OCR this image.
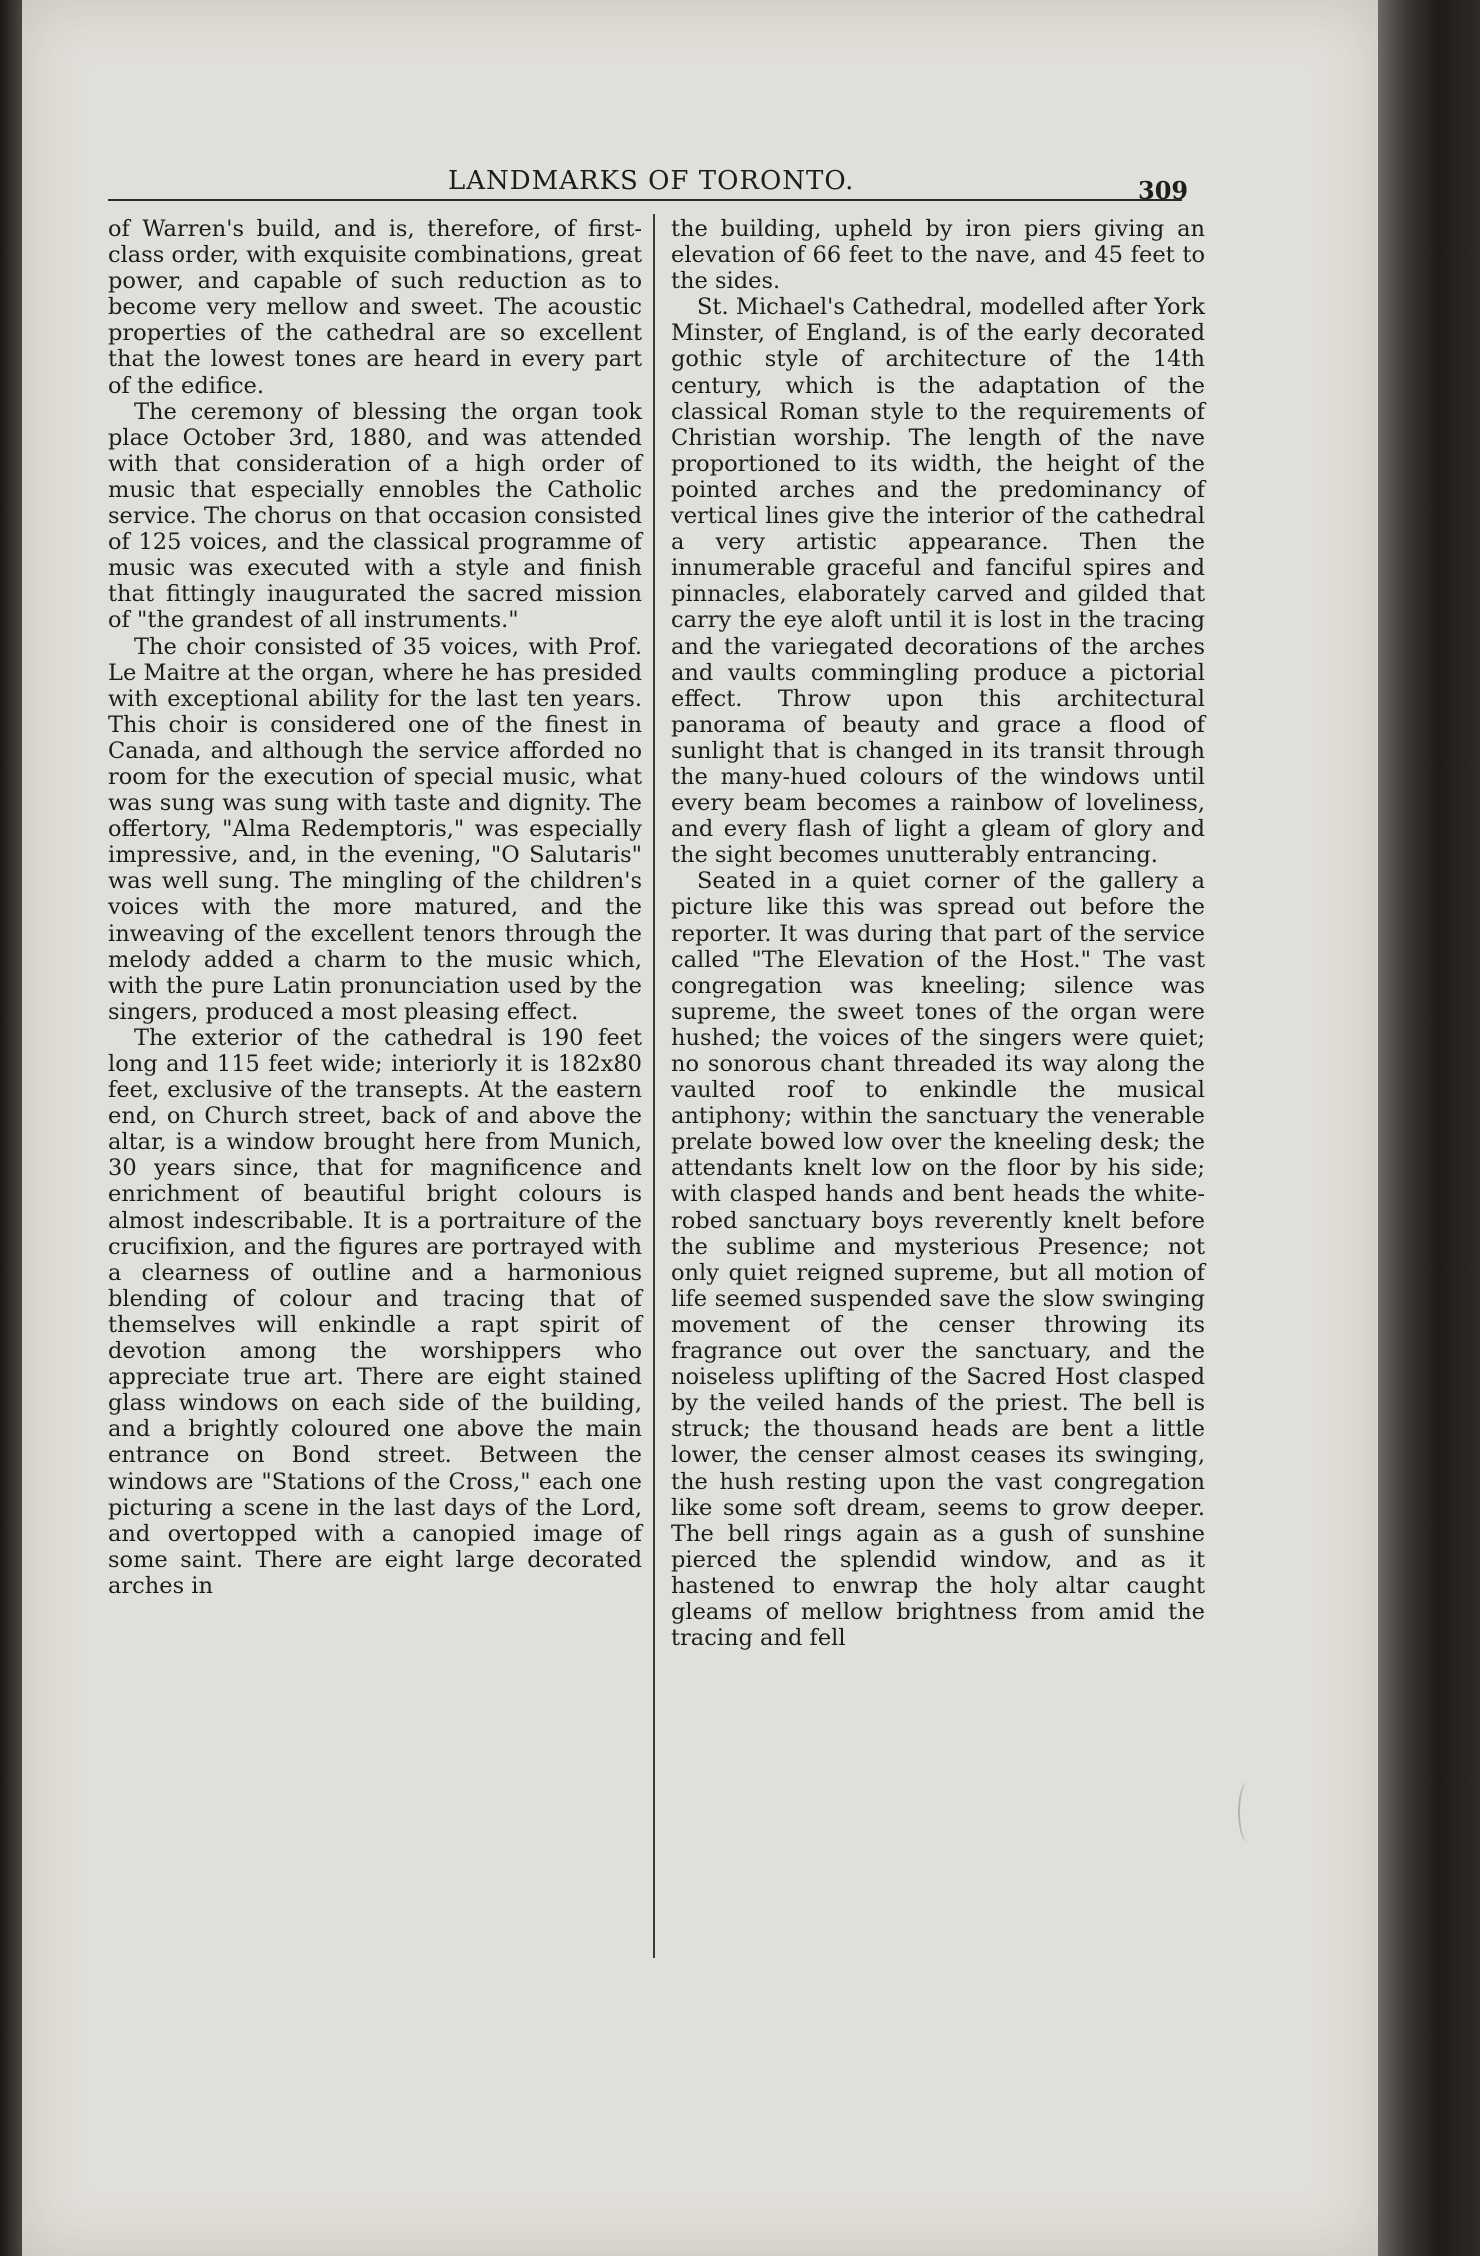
LANDMARKS OF TORONTO.	309

of Warren's build, and is, therefore, of first-class order, with exquisite combinations, great power, and capable of such reduction as to become very mellow and sweet. The acoustic properties of the cathedral are so excellent that the lowest tones are heard in every part of the edifice.

The ceremony of blessing the organ took place October 3rd, 1880, and was attended with that consideration of a high order of music that especially ennobles the Catholic service. The chorus on that occasion consisted of 125 voices, and the classical programme of music was executed with a style and finish that fittingly inaugurated the sacred mission of "the grandest of all instruments."

The choir consisted of 35 voices, with Prof. Le Maitre at the organ, where he has presided with exceptional ability for the last ten years. This choir is considered one of the finest in Canada, and although the service afforded no room for the execution of special music, what was sung was sung with taste and dignity. The offertory, "Alma Redemptoris," was especially impressive, and, in the evening, "O Salutaris" was well sung. The mingling of the children's voices with the more matured, and the inweaving of the excellent tenors through the melody added a charm to the music which, with the pure Latin pronunciation used by the singers, produced a most pleasing effect.

The exterior of the cathedral is 190 feet long and 115 feet wide; interiorly it is 182x80 feet, exclusive of the transepts. At the eastern end, on Church street, back of and above the altar, is a window brought here from Munich, 30 years since, that for magnificence and enrichment of beautiful bright colours is almost indescribable. It is a portraiture of the crucifixion, and the figures are portrayed with a clearness of outline and a harmonious blending of colour and tracing that of themselves will enkindle a rapt spirit of devotion among the worshippers who appreciate true art. There are eight stained glass windows on each side of the building, and a brightly coloured one above the main entrance on Bond street. Between the windows are "Stations of the Cross," each one picturing a scene in the last days of the Lord, and overtopped with a canopied image of some saint. There are eight large decorated arches in

the building, upheld by iron piers giving an elevation of 66 feet to the nave, and 45 feet to the sides.

St. Michael's Cathedral, modelled after York Minster, of England, is of the early decorated gothic style of architecture of the 14th century, which is the adaptation of the classical Roman style to the requirements of Christian worship. The length of the nave proportioned to its width, the height of the pointed arches and the predominancy of vertical lines give the interior of the cathedral a very artistic appearance. Then the innumerable graceful and fanciful spires and pinnacles, elaborately carved and gilded that carry the eye aloft until it is lost in the tracing and the variegated decorations of the arches and vaults commingling produce a pictorial effect. Throw upon this architectural panorama of beauty and grace a flood of sunlight that is changed in its transit through the many-hued colours of the windows until every beam becomes a rainbow of loveliness, and every flash of light a gleam of glory and the sight becomes unutterably entrancing.

Seated in a quiet corner of the gallery a picture like this was spread out before the reporter. It was during that part of the service called "The Elevation of the Host." The vast congregation was kneeling; silence was supreme, the sweet tones of the organ were hushed; the voices of the singers were quiet; no sonorous chant threaded its way along the vaulted roof to enkindle the musical antiphony; within the sanctuary the venerable prelate bowed low over the kneeling desk; the attendants knelt low on the floor by his side; with clasped hands and bent heads the white-robed sanctuary boys reverently knelt before the sublime and mysterious Presence; not only quiet reigned supreme, but all motion of life seemed suspended save the slow swinging movement of the censer throwing its fragrance out over the sanctuary, and the noiseless uplifting of the Sacred Host clasped by the veiled hands of the priest. The bell is struck; the thousand heads are bent a little lower, the censer almost ceases its swinging, the hush resting upon the vast congregation like some soft dream, seems to grow deeper. The bell rings again as a gush of sunshine pierced the splendid window, and as it hastened to enwrap the holy altar caught gleams of mellow brightness from amid the tracing and fell
